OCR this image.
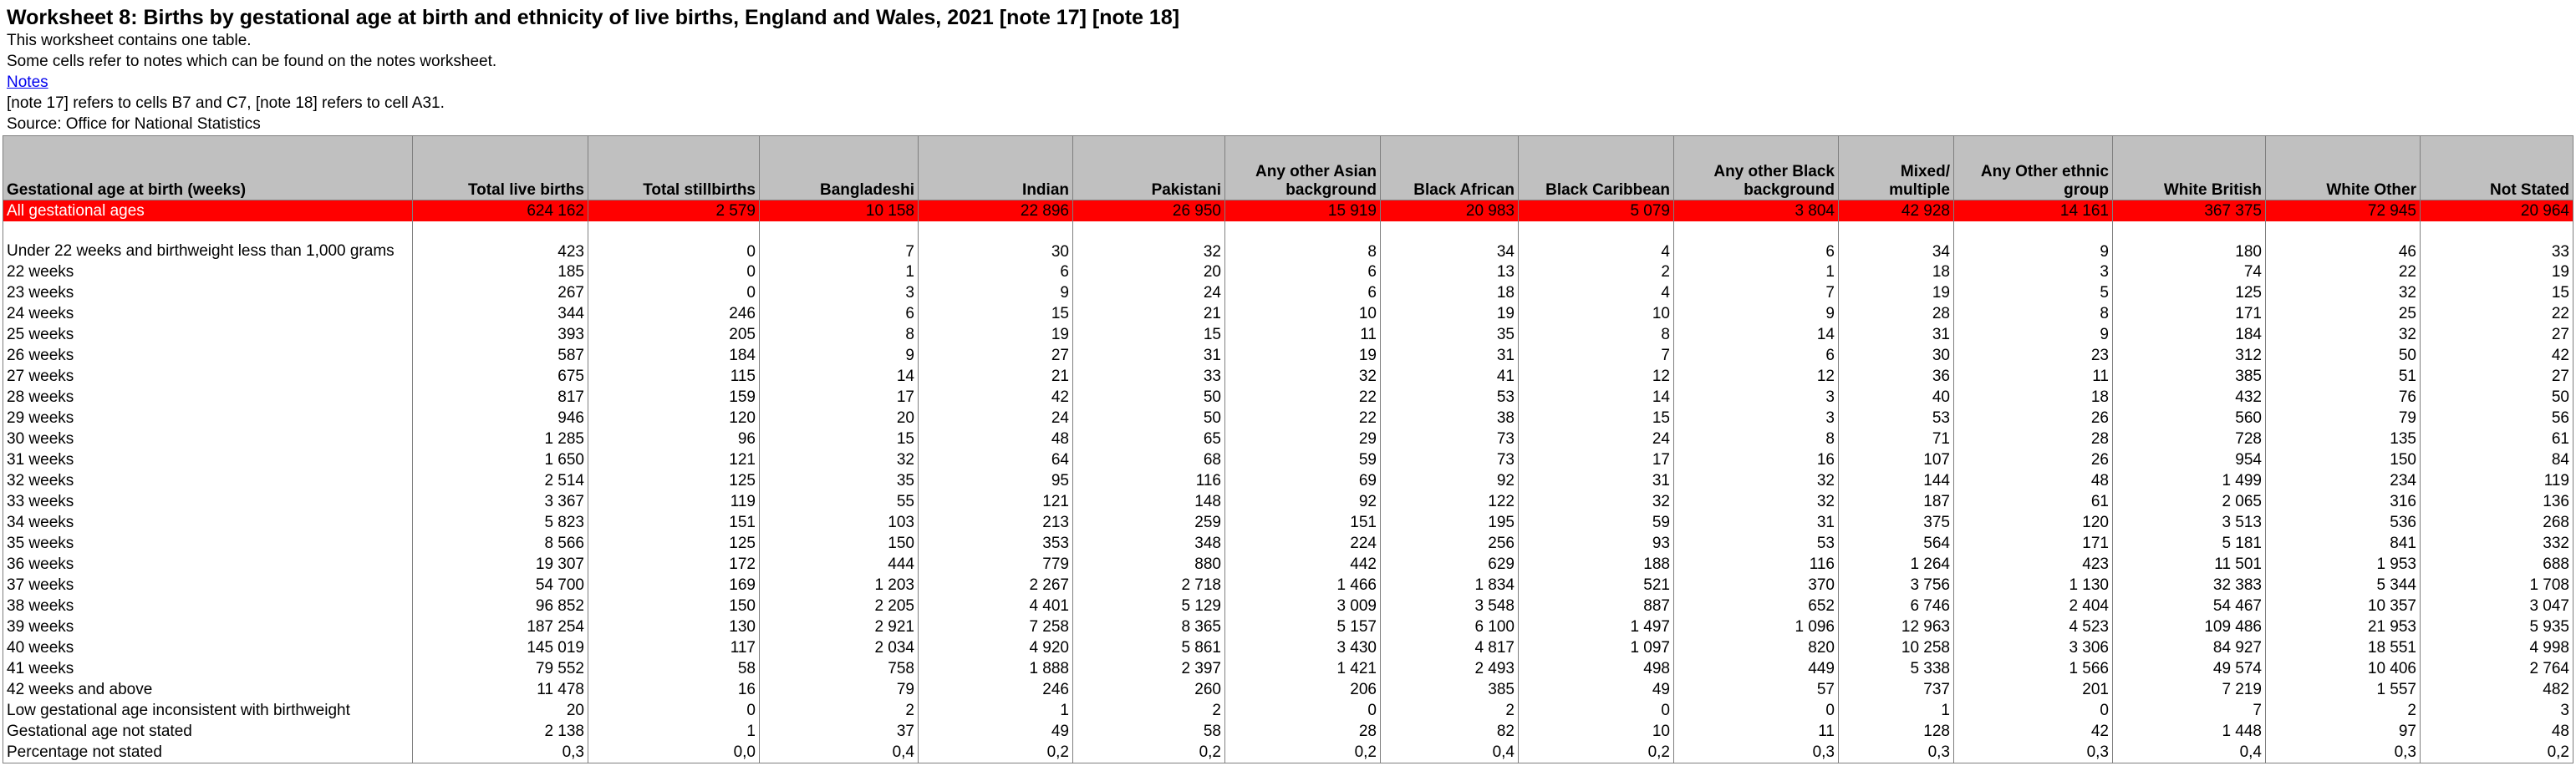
Worksheet 8: Births by gestational age at birth and ethnicity of live births, England and Wales, 2021 [note 17] [note 18]
This worksheet contains one table.
Some cells refer to notes which can be found on the notes worksheet.
Notes
[note 17] refers to cells B7 and C7, [note 18] refers to cell A31.
Source: Office for National Statistics
Gestational age at birth (weeks)	Total live births	Total stillbirths	Bangladeshi	Indian	Pakistani	Any other Asian background	Black African	Black Caribbean	Any other Black background	Mixed/ multiple	Any Other ethnic group	White British	White Other	Not Stated
All gestational ages	624 162	2 579	10 158	22 896	26 950	15 919	20 983	5 079	3 804	42 928	14 161	367 375	72 945	20 964
Under 22 weeks and birthweight less than 1,000 grams	423	0	7	30	32	8	34	4	6	34	9	180	46	33
22 weeks	185	0	1	6	20	6	13	2	1	18	3	74	22	19
23 weeks	267	0	3	9	24	6	18	4	7	19	5	125	32	15
24 weeks	344	246	6	15	21	10	19	10	9	28	8	171	25	22
25 weeks	393	205	8	19	15	11	35	8	14	31	9	184	32	27
26 weeks	587	184	9	27	31	19	31	7	6	30	23	312	50	42
27 weeks	675	115	14	21	33	32	41	12	12	36	11	385	51	27
28 weeks	817	159	17	42	50	22	53	14	3	40	18	432	76	50
29 weeks	946	120	20	24	50	22	38	15	3	53	26	560	79	56
30 weeks	1 285	96	15	48	65	29	73	24	8	71	28	728	135	61
31 weeks	1 650	121	32	64	68	59	73	17	16	107	26	954	150	84
32 weeks	2 514	125	35	95	116	69	92	31	32	144	48	1 499	234	119
33 weeks	3 367	119	55	121	148	92	122	32	32	187	61	2 065	316	136
34 weeks	5 823	151	103	213	259	151	195	59	31	375	120	3 513	536	268
35 weeks	8 566	125	150	353	348	224	256	93	53	564	171	5 181	841	332
36 weeks	19 307	172	444	779	880	442	629	188	116	1 264	423	11 501	1 953	688
37 weeks	54 700	169	1 203	2 267	2 718	1 466	1 834	521	370	3 756	1 130	32 383	5 344	1 708
38 weeks	96 852	150	2 205	4 401	5 129	3 009	3 548	887	652	6 746	2 404	54 467	10 357	3 047
39 weeks	187 254	130	2 921	7 258	8 365	5 157	6 100	1 497	1 096	12 963	4 523	109 486	21 953	5 935
40 weeks	145 019	117	2 034	4 920	5 861	3 430	4 817	1 097	820	10 258	3 306	84 927	18 551	4 998
41 weeks	79 552	58	758	1 888	2 397	1 421	2 493	498	449	5 338	1 566	49 574	10 406	2 764
42 weeks and above	11 478	16	79	246	260	206	385	49	57	737	201	7 219	1 557	482
Low gestational age inconsistent with birthweight	20	0	2	1	2	0	2	0	0	1	0	7	2	3
Gestational age not stated	2 138	1	37	49	58	28	82	10	11	128	42	1 448	97	48
Percentage not stated	0,3	0,0	0,4	0,2	0,2	0,2	0,4	0,2	0,3	0,3	0,3	0,4	0,3	0,2
